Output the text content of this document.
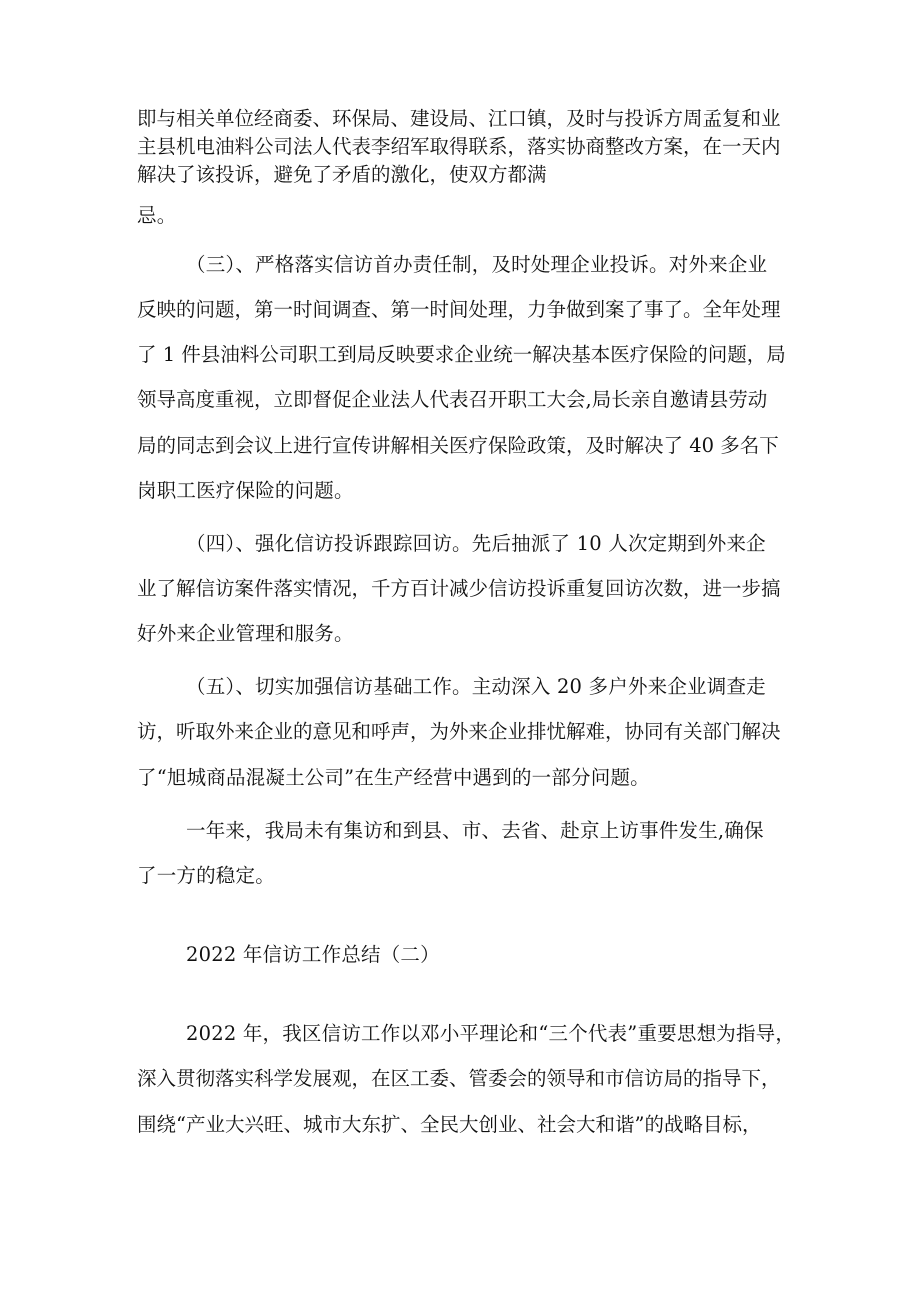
即与相关单位经商委、环保局、建设局、江口镇，及时与投诉方周孟复和业
主县机电油料公司法人代表李绍军取得联系，落实协商整改方案，在一天内
解决了该投诉，避免了矛盾的激化，使双方都满
忌。
（三）、严格落实信访首办责任制，及时处理企业投诉。对外来企业
反映的问题，第一时间调查、第一时间处理，力争做到案了事了。全年处理
了 1 件县油料公司职工到局反映要求企业统一解决基本医疗保险的问题，局
领导高度重视，立即督促企业法人代表召开职工大会,局长亲自邀请县劳动
局的同志到会议上进行宣传讲解相关医疗保险政策，及时解决了 40 多名下
岗职工医疗保险的问题。
（四）、强化信访投诉跟踪回访。先后抽派了 10 人次定期到外来企
业了解信访案件落实情况，千方百计减少信访投诉重复回访次数，进一步搞
好外来企业管理和服务。
（五）、切实加强信访基础工作。主动深入 20 多户外来企业调查走
访，听取外来企业的意见和呼声，为外来企业排忧解难，协同有关部门解决
了“旭城商品混凝土公司”在生产经营中遇到的一部分问题。
一年来，我局未有集访和到县、市、去省、赴京上访事件发生,确保
了一方的稳定。
2022 年信访工作总结（二）
2022 年，我区信访工作以邓小平理论和“三个代表”重要思想为指导，
深入贯彻落实科学发展观，在区工委、管委会的领导和市信访局的指导下，
围绕“产业大兴旺、城市大东扩、全民大创业、社会大和谐”的战略目标，
